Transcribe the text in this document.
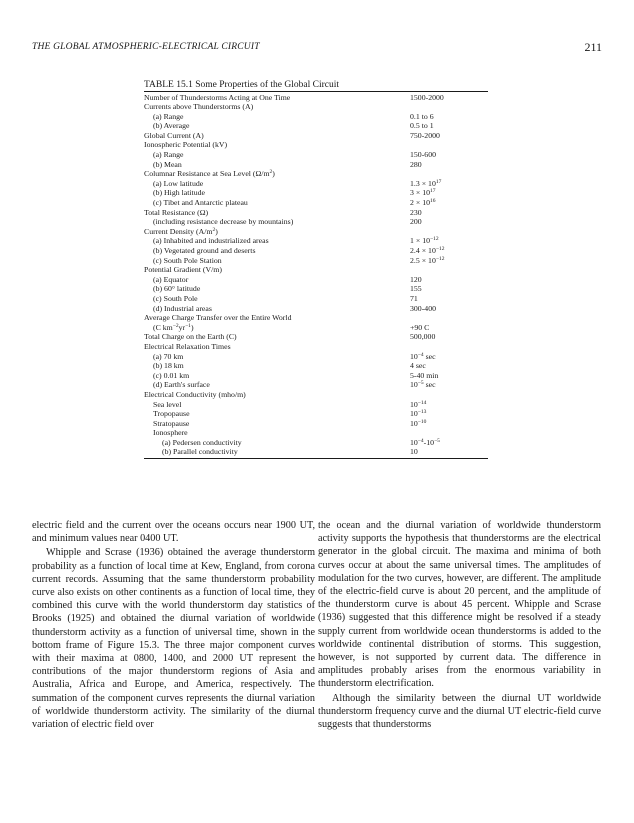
THE GLOBAL ATMOSPHERIC-ELECTRICAL CIRCUIT	211
TABLE 15.1 Some Properties of the Global Circuit
Number of Thunderstorms Acting at One Time	1500-2000
Currents above Thunderstorms (A)
(a) Range	0.1 to 6
(b) Average	0.5 to 1
Global Current (A)	750-2000
Ionospheric Potential (kV)
(a) Range	150-600
(b) Mean	280
Columnar Resistance at Sea Level $(\Omega/m^2)$
(a) Low latitude	$1.3 \times 10^{17}$
(b) High latitude	$3 \times 10^{17}$
(c) Tibet and Antarctic plateau	$2 \times 10^{16}$
Total Resistance (Ω)	230
(including resistance decrease by mountains)	200
Current Density $(A/m^2)$
(a) Inhabited and industrialized areas	$1 \times 10^{-12}$
(b) Vegetated ground and deserts	$2.4 \times 10^{-12}$
(c) South Pole Station	$2.5 \times 10^{-12}$
Potential Gradient (V/m)
(a) Equator	120
(b) 60° latitude	155
(c) South Pole	71
(d) Industrial areas	300-400
Average Charge Transfer over the Entire World
(C $km^{-2}yr^{-1}$)	+90 C
Total Charge on the Earth (C)	500,000
Electrical Relaxation Times
(a) 70 km	$10^{-4}$ sec
(b) 18 km	4 sec
(c) 0.01 km	5-40 min
(d) Earth's surface	$10^{-5}$ sec
Electrical Conductivity (mho/m)
Sea level	$10^{-14}$
Tropopause	$10^{-13}$
Stratopause	$10^{-10}$
Ionosphere
(a) Pedersen conductivity	$10^{-4}-10^{-5}$
(b) Parallel conductivity	10

electric field and the current over the oceans occurs near 1900 UT, and minimum values near 0400 UT.

Whipple and Scrase (1936) obtained the average thunderstorm probability as a function of local time at Kew, England, from corona current records. Assuming that the same thunderstorm probability curve also exists on other continents as a function of local time, they combined this curve with the world thunderstorm day statistics of Brooks (1925) and obtained the diurnal variation of worldwide thunderstorm activity as a function of universal time, shown in the bottom frame of Figure 15.3. The three major component curves with their maxima at 0800, 1400, and 2000 UT represent the contributions of the major thunderstorm regions of Asia and Australia, Africa and Europe, and America, respectively. The summation of the component curves represents the diurnal variation of worldwide thunderstorm activity. The similarity of the diurnal variation of electric field over

the ocean and the diurnal variation of worldwide thunderstorm activity supports the hypothesis that thunderstorms are the electrical generator in the global circuit. The maxima and minima of both curves occur at about the same universal times. The amplitudes of modulation for the two curves, however, are different. The amplitude of the electric-field curve is about 20 percent, and the amplitude of the thunderstorm curve is about 45 percent. Whipple and Scrase (1936) suggested that this difference might be resolved if a steady supply current from worldwide ocean thunderstorms is added to the worldwide continental distribution of storms. This suggestion, however, is not supported by current data. The difference in amplitudes probably arises from the enormous variability in thunderstorm electrification.

Although the similarity between the diurnal UT worldwide thunderstorm frequency curve and the diurnal UT electric-field curve suggests that thunderstorms
